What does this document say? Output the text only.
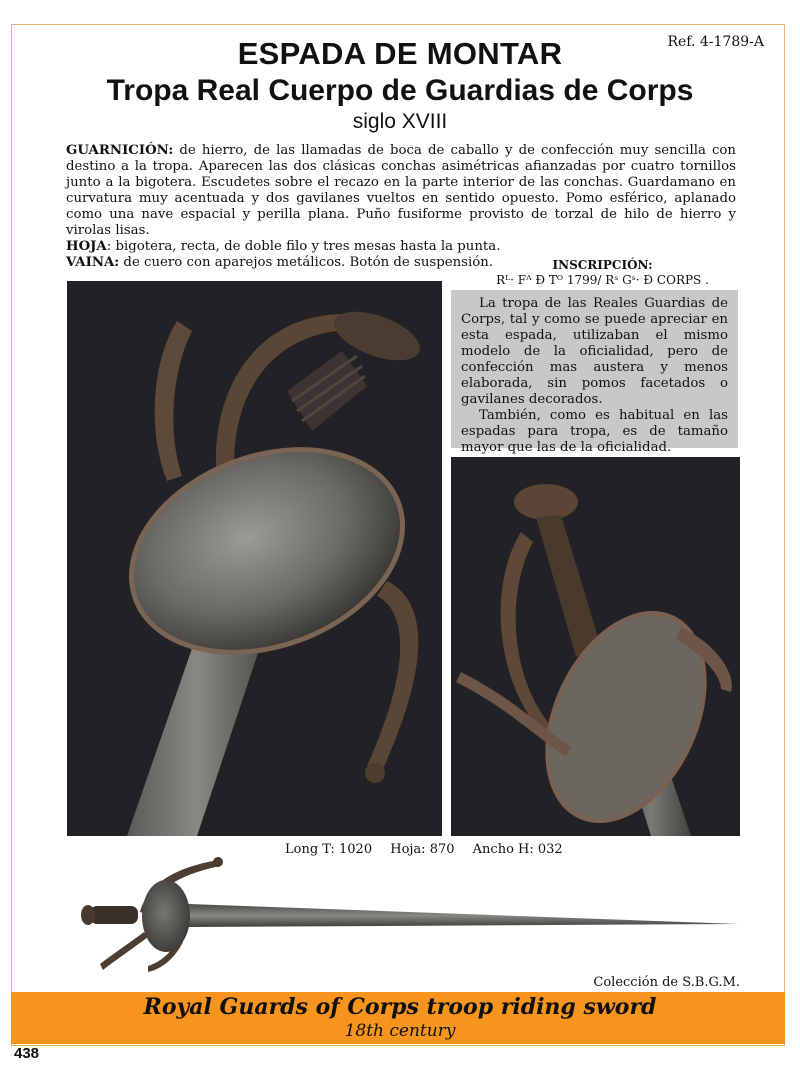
Ref. 4-1789-A
ESPADA DE MONTAR
Tropa Real Cuerpo de Guardias de Corps
siglo XVIII

GUARNICIÓN: de hierro, de las llamadas de boca de caballo y de confección muy sencilla con destino a la tropa. Aparecen las dos clásicas conchas asimétricas afianzadas por cuatro tornillos junto a la bigotera. Escudetes sobre el recazo en la parte interior de las conchas. Guardamano en curvatura muy acentuada y dos gavilanes vueltos en sentido opuesto. Pomo esférico, aplanado como una nave espacial y perilla plana. Puño fusiforme provisto de torzal de hilo de hierro y virolas lisas.

HOJA: bigotera, recta, de doble filo y tres mesas hasta la punta.

VAINA: de cuero con aparejos metálicos. Botón de suspensión.	INSCRIPCIÓN:
Rᴸ· Fᴬ Ð Tᴼ 1799/ Rˢ Gˢ· Ð CORPS .

La tropa de las Reales Guardias de Corps, tal y como se puede apreciar en esta espada, utilizaban el mismo modelo de la oficialidad, pero de confección mas austera y menos elaborada, sin pomos facetados o gavilanes decorados.

También, como es habitual en las espadas para tropa, es de tamaño mayor que las de la oficialidad.

Long T: 1020 Hoja: 870 Ancho H: 032
Colección de S.B.G.M.
Royal Guards of Corps troop riding sword
18th century
438
